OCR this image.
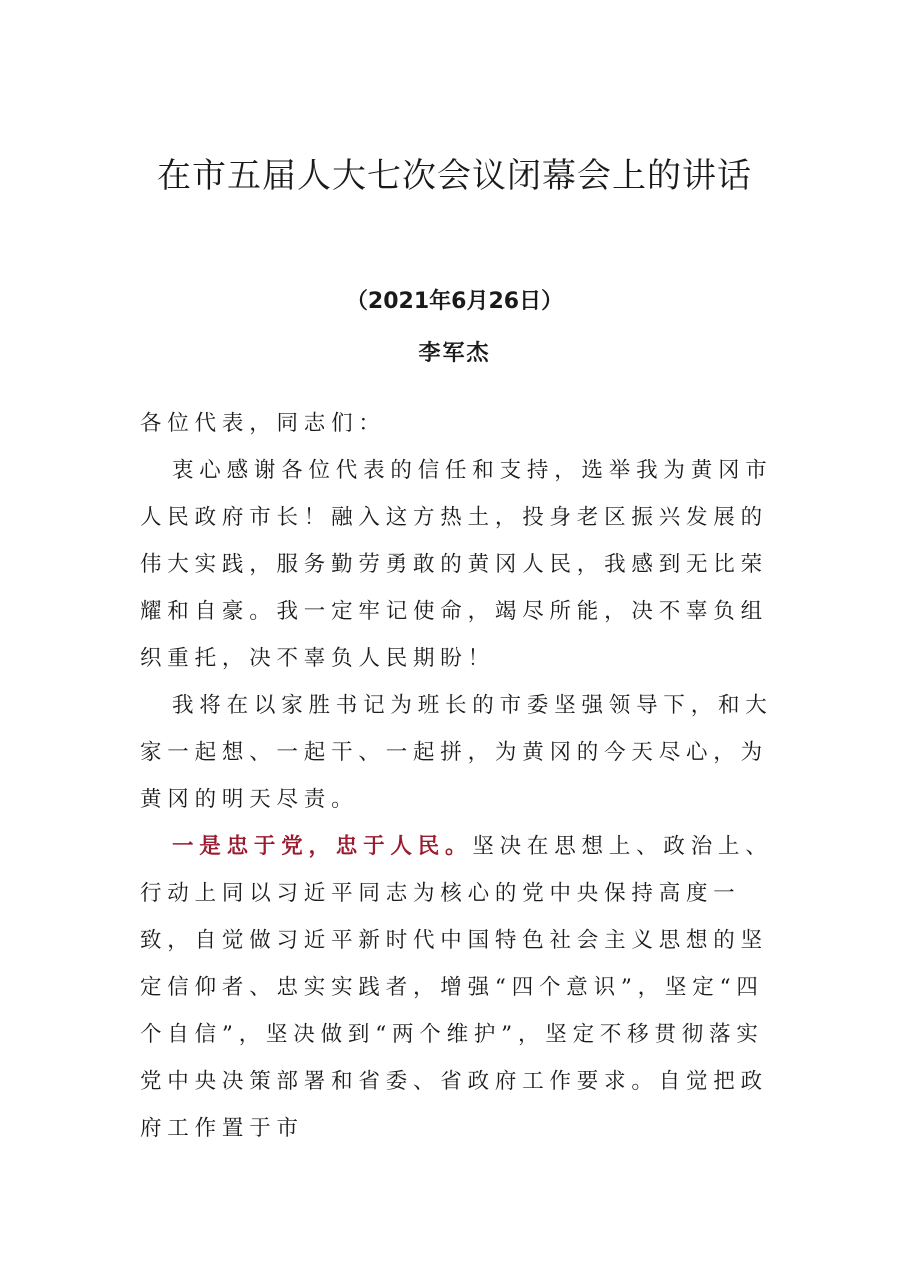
在市五届人大七次会议闭幕会上的讲话
（2021年6月26日）
李军杰

各位代表，同志们：

衷心感谢各位代表的信任和支持，选举我为黄冈市人民政府市长！融入这方热土，投身老区振兴发展的伟大实践，服务勤劳勇敢的黄冈人民，我感到无比荣耀和自豪。我一定牢记使命，竭尽所能，决不辜负组织重托，决不辜负人民期盼！

我将在以家胜书记为班长的市委坚强领导下，和大家一起想、一起干、一起拼，为黄冈的今天尽心，为黄冈的明天尽责。

一是忠于党，忠于人民。坚决在思想上、政治上、行动上同以习近平同志为核心的党中央保持高度一致，自觉做习近平新时代中国特色社会主义思想的坚定信仰者、忠实实践者，增强“四个意识”，坚定“四个自信”，坚决做到“两个维护”，坚定不移贯彻落实党中央决策部署和省委、省政府工作要求。自觉把政府工作置于市
